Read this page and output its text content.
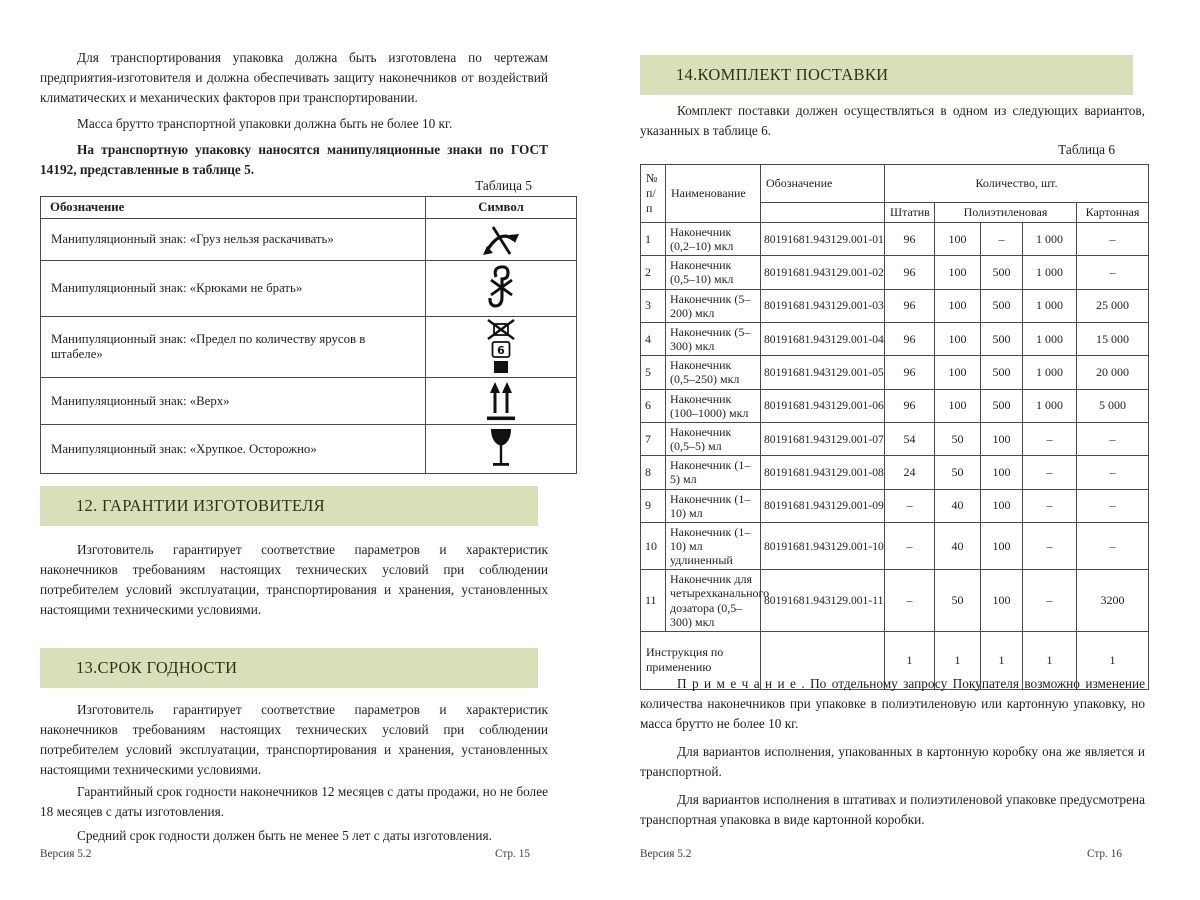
Для транспортирования упаковка должна быть изготовлена по чертежам предприятия-изготовителя и должна обеспечивать защиту наконечников от воздействий климатических и механических факторов при транспортировании.

Масса брутто транспортной упаковки должна быть не более 10 кг.

На транспортную упаковку наносятся манипуляционные знаки по ГОСТ 14192, представленные в таблице 5.

Таблица 5
Обозначение	Символ
Манипуляционный знак: «Груз нельзя раскачивать»	
Манипуляционный знак: «Крюками не брать»	
Манипуляционный знак: «Предел по количеству ярусов в штабеле»	6

Манипуляционный знак: «Верх»	
Манипуляционный знак: «Хрупкое. Осторожно»	
12. ГАРАНТИИ ИЗГОТОВИТЕЛЯ

Изготовитель гарантирует соответствие параметров и характеристик наконечников требованиям настоящих технических условий при соблюдении потребителем условий эксплуатации, транспортирования и хранения, установленных настоящими техническими условиями.

13.СРОК ГОДНОСТИ

Изготовитель гарантирует соответствие параметров и характеристик наконечников требованиям настоящих технических условий при соблюдении потребителем условий эксплуатации, транспортирования и хранения, установленных настоящими техническими условиями.

Гарантийный срок годности наконечников 12 месяцев с даты продажи, но не более 18 месяцев с даты изготовления.

Средний срок годности должен быть не менее 5 лет с даты изготовления.

Версия 5.2	Стр. 15
14.КОМПЛЕКТ ПОСТАВКИ

Комплект поставки должен осуществляться в одном из следующих вариантов, указанных в таблице 6.

Таблица 6
№ п/п	Наименование	Обозначение	Количество, шт.				
			Штатив	Полиэтиленовая			Картонная
1	Наконечник (0,2–10) мкл	80191681.943129.001-01	96	100	–	1 000	–
2	Наконечник (0,5–10) мкл	80191681.943129.001-02	96	100	500	1 000	–
3	Наконечник (5–200) мкл	80191681.943129.001-03	96	100	500	1 000	25 000
4	Наконечник (5–300) мкл	80191681.943129.001-04	96	100	500	1 000	15 000
5	Наконечник (0,5–250) мкл	80191681.943129.001-05	96	100	500	1 000	20 000
6	Наконечник (100–1000) мкл	80191681.943129.001-06	96	100	500	1 000	5 000
7	Наконечник (0,5–5) мл	80191681.943129.001-07	54	50	100	–	–
8	Наконечник (1–5) мл	80191681.943129.001-08	24	50	100	–	–
9	Наконечник (1–10) мл	80191681.943129.001-09	–	40	100	–	–
10	Наконечник (1–10) мл удлиненный	80191681.943129.001-10	–	40	100	–	–
11	Наконечник для четырехканального дозатора (0,5–300) мкл	80191681.943129.001-11	–	50	100	–	3200
Инструкция по применению			1	1	1	1	1

П р и м е ч а н и е . По отдельному запросу Покупателя возможно изменение количества наконечников при упаковке в полиэтиленовую или картонную упаковку, но масса брутто не более 10 кг.

Для вариантов исполнения, упакованных в картонную коробку она же является и транспортной.

Для вариантов исполнения в штативах и полиэтиленовой упаковке предусмотрена транспортная упаковка в виде картонной коробки.

Версия 5.2	Стр. 16
